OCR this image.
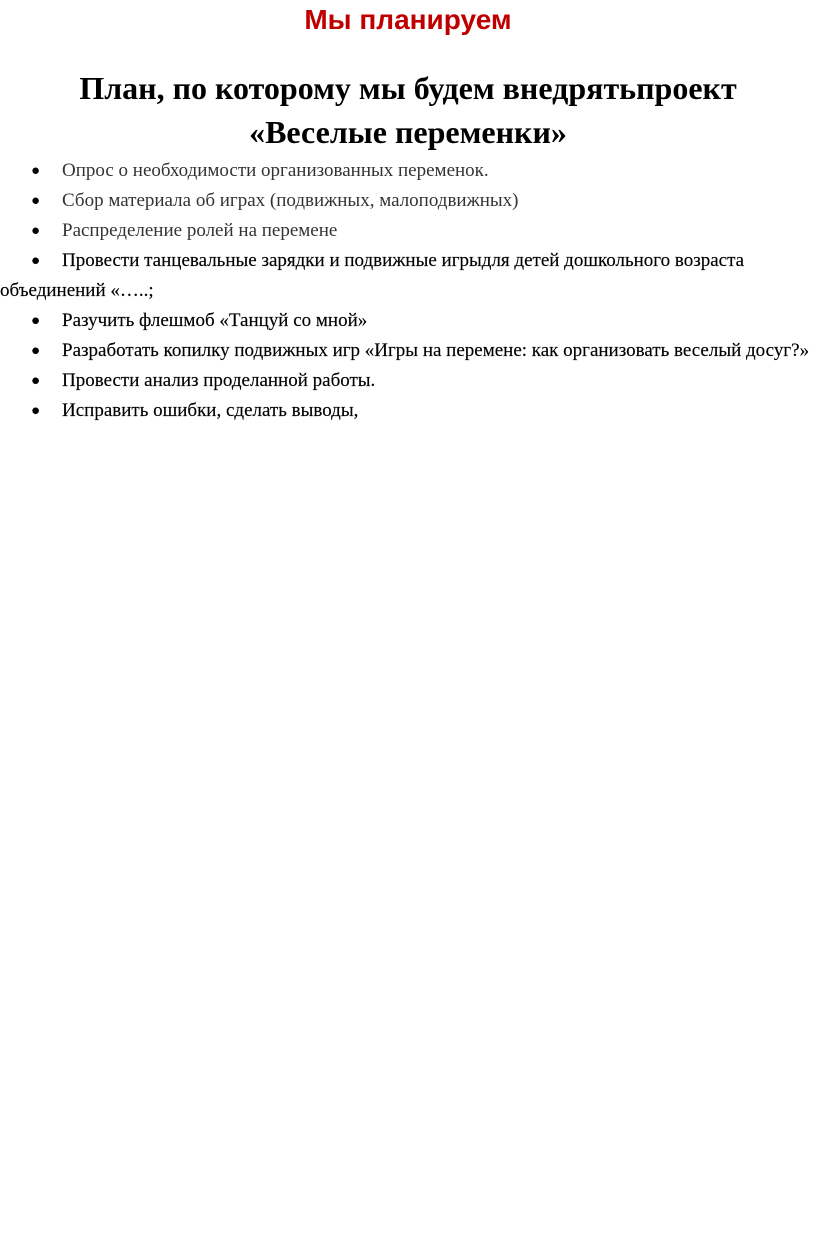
Мы планируем
План, по которому мы будем внедрятьпроект
«Веселые переменки»
● Опрос о необходимости организованных переменок.
● Сбор материала об играх (подвижных, малоподвижных)
● Распределение ролей на перемене
● Провести танцевальные зарядки и подвижные игрыдля детей дошкольного возраста объединений «…..;
● Разучить флешмоб «Танцуй со мной»
● Разработать копилку подвижных игр «Игры на перемене: как организовать веселый досуг?»
● Провести анализ проделанной работы.
● Исправить ошибки, сделать выводы,
